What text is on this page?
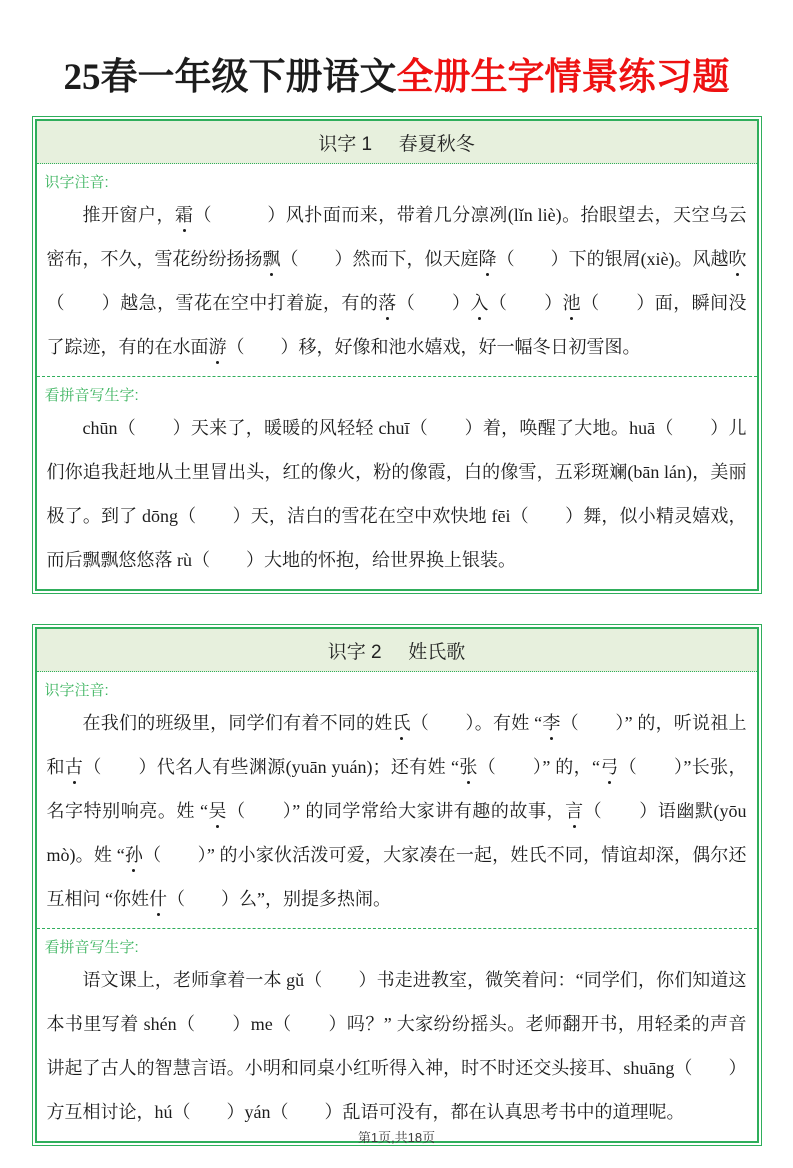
25春一年级下册语文全册生字情景练习题
识字 1 春夏秋冬
识字注音:

推开窗户，霜（　　　）风扑面而来，带着几分凛冽(lǐn liè)。抬眼望去，天空乌云密布，不久，雪花纷纷扬扬飘（　　）然而下，似天庭降（　　）下的银屑(xiè)。风越吹（　　）越急，雪花在空中打着旋，有的落（　　）入（　　）池（　　）面，瞬间没了踪迹，有的在水面游（　　）移，好像和池水嬉戏，好一幅冬日初雪图。

看拼音写生字:

chūn（　　）天来了，暖暖的风轻轻 chuī（　　）着，唤醒了大地。huā（　　）儿们你追我赶地从土里冒出头，红的像火，粉的像霞，白的像雪，五彩斑斓(bān lán)，美丽极了。到了 dōng（　　）天，洁白的雪花在空中欢快地 fēi（　　）舞，似小精灵嬉戏，而后飘飘悠悠落 rù（　　）大地的怀抱，给世界换上银装。

识字 2 姓氏歌
识字注音:

在我们的班级里，同学们有着不同的姓氏（　　）。有姓 “李（　　）” 的，听说祖上和古（　　）代名人有些渊源(yuān yuán)；还有姓 “张（　　）” 的，“弓（　　）”长张，名字特别响亮。姓 “吴（　　）” 的同学常给大家讲有趣的故事，言（　　）语幽默(yōu mò)。姓 “孙（　　）” 的小家伙活泼可爱，大家凑在一起，姓氏不同，情谊却深，偶尔还互相问 “你姓什（　　）么”，别提多热闹。

看拼音写生字:

语文课上，老师拿着一本 gǔ（　　）书走进教室，微笑着问：“同学们，你们知道这本书里写着 shén（　　）me（　　）吗？” 大家纷纷摇头。老师翻开书，用轻柔的声音讲起了古人的智慧言语。小明和同桌小红听得入神，时不时还交头接耳、shuāng（　　）方互相讨论，hú（　　）yán（　　）乱语可没有，都在认真思考书中的道理呢。

第1页,共18页
